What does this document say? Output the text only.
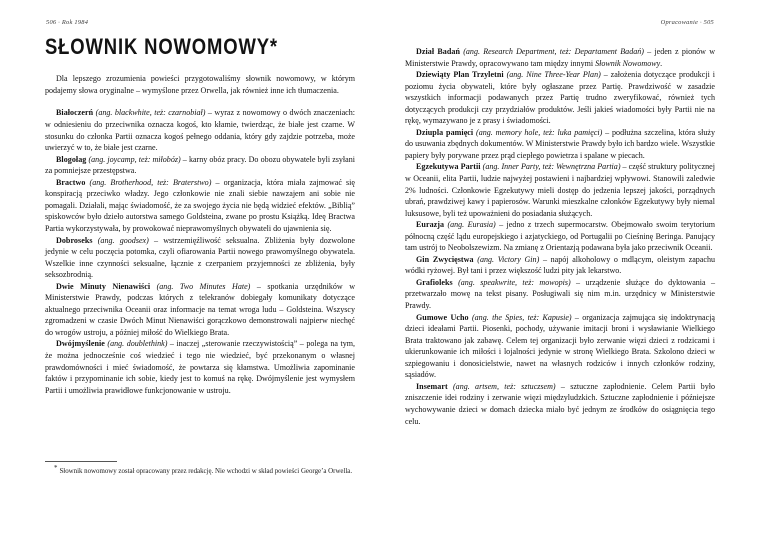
506 · Rok 1984	Opracowanie · 505
SŁOWNIK NOWOMOWY*

Dla lepszego zrozumienia powieści przygotowaliśmy słownik nowomowy, w którym podajemy słowa oryginalne – wymyślone przez Orwella, jak również inne ich tłumaczenia.

Białoczerń (ang. blackwhite, też: czarnobiał) – wyraz z nowomowy o dwóch znaczeniach: w odniesieniu do przeciwnika oznacza kogoś, kto kłamie, twierdząc, że białe jest czarne. W stosunku do członka Partii oznacza kogoś pełnego oddania, który gdy zajdzie potrzeba, może uwierzyć w to, że białe jest czarne.

Blogołag (ang. joycamp, też: miłobóz) – karny obóz pracy. Do obozu obywatele byli zsyłani za pomniejsze przestępstwa.

Bractwo (ang. Brotherhood, też: Braterstwo) – organizacja, która miała zajmować się konspiracją przeciwko władzy. Jego członkowie nie znali siebie nawzajem ani sobie nie pomagali. Działali, mając świadomość, że za swojego życia nie będą widzieć efektów. „Biblią” spiskowców było dzieło autorstwa samego Goldsteina, zwane po prostu Książką. Ideę Bractwa Partia wykorzystywała, by prowokować nieprawomyślnych obywateli do ujawnienia się.

Dobroseks (ang. goodsex) – wstrzemięźliwość seksualna. Zbliżenia były dozwolone jedynie w celu poczęcia potomka, czyli ofiarowania Partii nowego prawomyślnego obywatela. Wszelkie inne czynności seksualne, łącznie z czerpaniem przyjemności ze zbliżenia, były seksozbrodnią.

Dwie Minuty Nienawiści (ang. Two Minutes Hate) – spotkania urzędników w Ministerstwie Prawdy, podczas których z telekranów dobiegały komunikaty dotyczące aktualnego przeciwnika Oceanii oraz informacje na temat wroga ludu – Goldsteina. Wszyscy zgromadzeni w czasie Dwóch Minut Nienawiści gorączkowo demonstrowali najpierw niechęć do wrogów ustroju, a później miłość do Wielkiego Brata.

Dwójmyślenie (ang. doublethink) – inaczej „sterowanie rzeczywistością” – polega na tym, że można jednocześnie coś wiedzieć i tego nie wiedzieć, być przekonanym o własnej prawdomówności i mieć świadomość, że powtarza się kłamstwa. Umożliwia zapominanie faktów i przypominanie ich sobie, kiedy jest to komuś na rękę. Dwójmyślenie jest wymysłem Partii i umożliwia prawidłowe funkcjonowanie w ustroju.

Dział Badań (ang. Research Department, też: Departament Badań) – jeden z pionów w Ministerstwie Prawdy, opracowywano tam między innymi Słownik Nowomowy.

Dziewiąty Plan Trzyletni (ang. Nine Three-Year Plan) – założenia dotyczące produkcji i poziomu życia obywateli, które były ogłaszane przez Partię. Prawdziwość w zasadzie wszystkich informacji podawanych przez Partię trudno zweryfikować, również tych dotyczących produkcji czy przydziałów produktów. Jeśli jakieś wiadomości były Partii nie na rękę, wymazywano je z prasy i świadomości.

Dziupla pamięci (ang. memory hole, też: luka pamięci) – podłużna szczelina, która służy do usuwania zbędnych dokumentów. W Ministerstwie Prawdy było ich bardzo wiele. Wszystkie papiery były porywane przez prąd ciepłego powietrza i spalane w piecach.

Egzekutywa Partii (ang. Inner Party, też: Wewnętrzna Partia) – część struktury politycznej w Oceanii, elita Partii, ludzie najwyżej postawieni i najbardziej wpływowi. Stanowili zaledwie 2% ludności. Członkowie Egzekutywy mieli dostęp do jedzenia lepszej jakości, porządnych ubrań, prawdziwej kawy i papierosów. Warunki mieszkalne członków Egzekutywy były niemal luksusowe, byli też upoważnieni do posiadania służących.

Eurazja (ang. Eurasia) – jedno z trzech supermocarstw. Obejmowało swoim terytorium północną część lądu europejskiego i azjatyckiego, od Portugalii po Cieśninę Beringa. Panujący tam ustrój to Neobolszewizm. Na zmianę z Orientazją podawana była jako przeciwnik Oceanii.

Gin Zwycięstwa (ang. Victory Gin) – napój alkoholowy o mdlącym, oleistym zapachu wódki ryżowej. Był tani i przez większość ludzi pity jak lekarstwo.

Grafioleks (ang. speakwrite, też: mowopis) – urządzenie służące do dyktowania – przetwarzało mowę na tekst pisany. Posługiwali się nim m.in. urzędnicy w Ministerstwie Prawdy.

Gumowe Ucho (ang. the Spies, też: Kapusie) – organizacja zajmująca się indoktrynacją dzieci ideałami Partii. Piosenki, pochody, używanie imitacji broni i wysławianie Wielkiego Brata traktowano jak zabawę. Celem tej organizacji było zerwanie więzi dzieci z rodzicami i ukierunkowanie ich miłości i lojalności jedynie w stronę Wielkiego Brata. Szkolono dzieci w szpiegowaniu i donosicielstwie, nawet na własnych rodziców i innych członków rodziny, sąsiadów.

Insemart (ang. artsem, też: sztuczsem) – sztuczne zapłodnienie. Celem Partii było zniszczenie idei rodziny i zerwanie więzi międzyludzkich. Sztuczne zapłodnienie i późniejsze wychowywanie dzieci w domach dziecka miało być jednym ze środków do osiągnięcia tego celu.

* Słownik nowomowy został opracowany przez redakcję. Nie wchodzi w skład powieści George’a Orwella.
